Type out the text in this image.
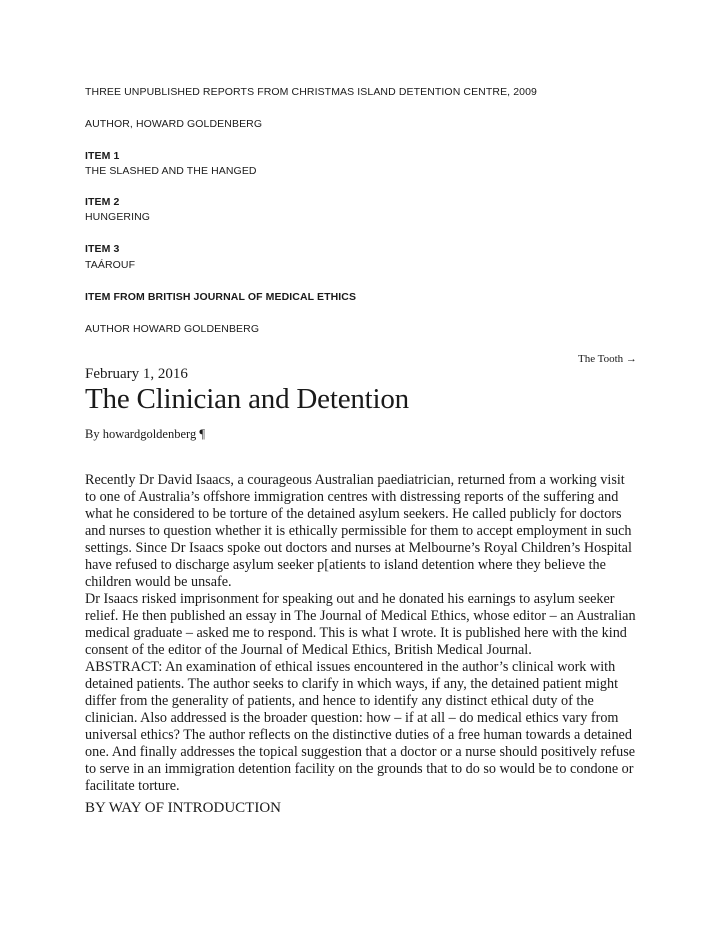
THREE UNPUBLISHED REPORTS FROM CHRISTMAS ISLAND DETENTION CENTRE, 2009
AUTHOR, HOWARD GOLDENBERG
ITEM 1
THE SLASHED AND THE HANGED
ITEM 2
HUNGERING
ITEM 3
TAÁROUF
ITEM FROM BRITISH JOURNAL OF MEDICAL ETHICS
AUTHOR HOWARD GOLDENBERG
The Tooth →
February 1, 2016
The Clinician and Detention
By howardgoldenberg ¶
Recently Dr David Isaacs, a courageous Australian paediatrician, returned from a working visit
to one of Australia’s offshore immigration centres with distressing reports of the suffering and
what he considered to be torture of the detained asylum seekers. He called publicly for doctors
and nurses to question whether it is ethically permissible for them to accept employment in such
settings. Since Dr Isaacs spoke out doctors and nurses at Melbourne’s Royal Children’s Hospital
have refused to discharge asylum seeker p[atients to island detention where they believe the
children would be unsafe.
Dr Isaacs risked imprisonment for speaking out and he donated his earnings to asylum seeker
relief. He then published an essay in The Journal of Medical Ethics, whose editor – an Australian
medical graduate – asked me to respond. This is what I wrote. It is published here with the kind
consent of the editor of the Journal of Medical Ethics, British Medical Journal.
ABSTRACT: An examination of ethical issues encountered in the author’s clinical work with
detained patients. The author seeks to clarify in which ways, if any, the detained patient might
differ from the generality of patients, and hence to identify any distinct ethical duty of the
clinician. Also addressed is the broader question: how – if at all – do medical ethics vary from
universal ethics? The author reflects on the distinctive duties of a free human towards a detained
one. And finally addresses the topical suggestion that a doctor or a nurse should positively refuse
to serve in an immigration detention facility on the grounds that to do so would be to condone or
facilitate torture.
BY WAY OF INTRODUCTION
